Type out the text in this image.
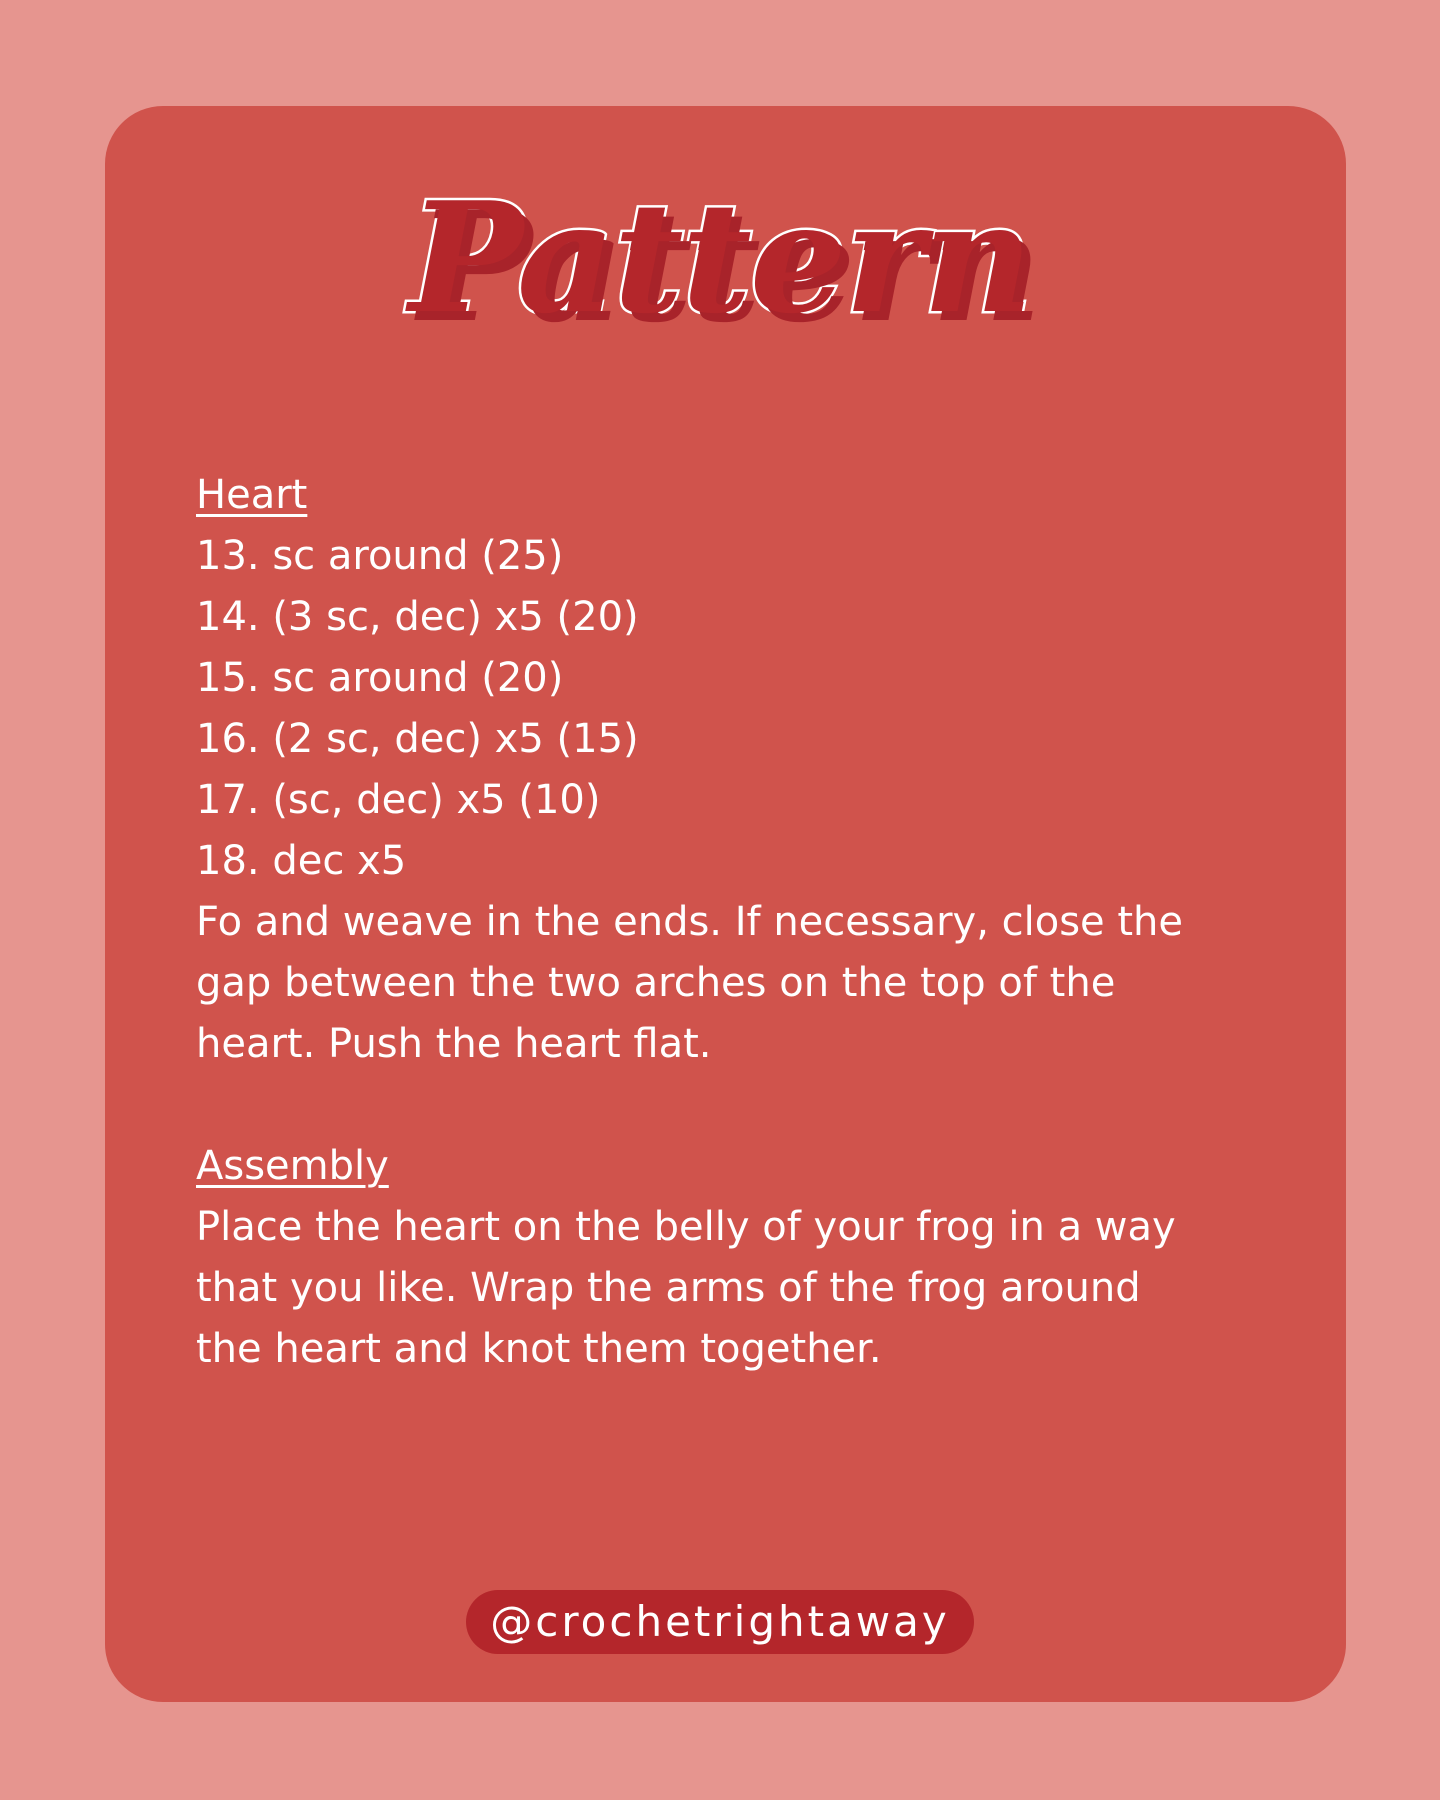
Pattern
Heart
13. sc around (25)
14. (3 sc, dec) x5 (20)
15. sc around (20)
16. (2 sc, dec) x5 (15)
17. (sc, dec) x5 (10)
18. dec x5
Fo and weave in the ends. If necessary, close the
gap between the two arches on the top of the
heart. Push the heart flat.
Assembly
Place the heart on the belly of your frog in a way
that you like. Wrap the arms of the frog around
the heart and knot them together.
@crochetrightaway
